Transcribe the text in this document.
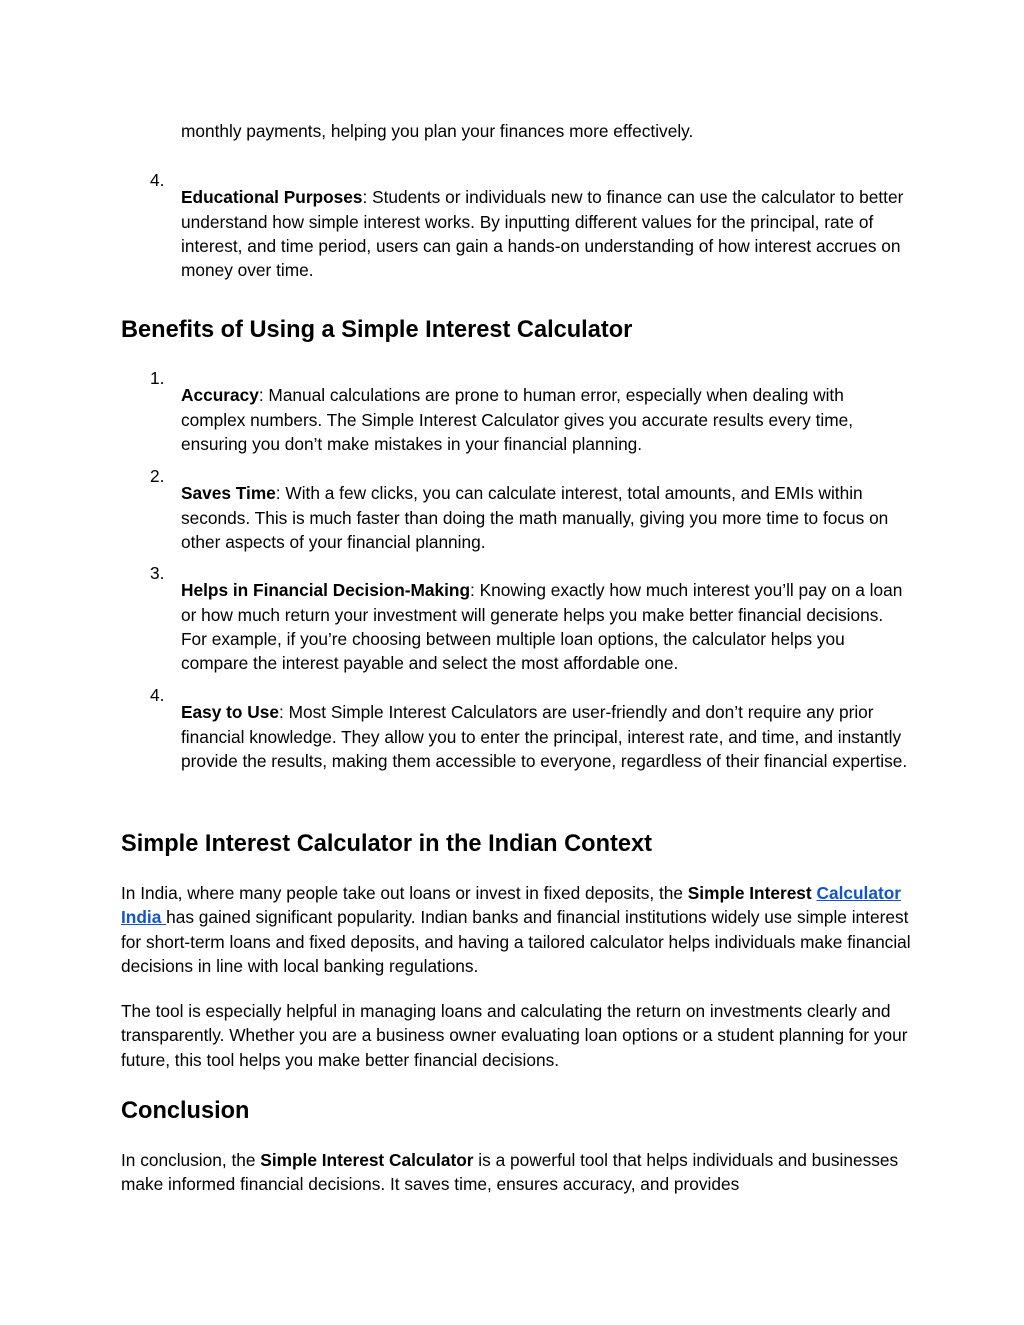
monthly payments, helping you plan your finances more effectively.

4.

Educational Purposes: Students or individuals new to finance can use the calculator to better understand how simple interest works. By inputting different values for the principal, rate of interest, and time period, users can gain a hands-on understanding of how interest accrues on money over time.

Benefits of Using a Simple Interest Calculator
1.

Accuracy: Manual calculations are prone to human error, especially when dealing with complex numbers. The Simple Interest Calculator gives you accurate results every time, ensuring you don’t make mistakes in your financial planning.

2.

Saves Time: With a few clicks, you can calculate interest, total amounts, and EMIs within seconds. This is much faster than doing the math manually, giving you more time to focus on other aspects of your financial planning.

3.

Helps in Financial Decision-Making: Knowing exactly how much interest you’ll pay on a loan or how much return your investment will generate helps you make better financial decisions. For example, if you’re choosing between multiple loan options, the calculator helps you compare the interest payable and select the most affordable one.

4.

Easy to Use: Most Simple Interest Calculators are user-friendly and don’t require any prior financial knowledge. They allow you to enter the principal, interest rate, and time, and instantly provide the results, making them accessible to everyone, regardless of their financial expertise.

Simple Interest Calculator in the Indian Context

In India, where many people take out loans or invest in fixed deposits, the Simple Interest Calculator India has gained significant popularity. Indian banks and financial institutions widely use simple interest for short-term loans and fixed deposits, and having a tailored calculator helps individuals make financial decisions in line with local banking regulations.

The tool is especially helpful in managing loans and calculating the return on investments clearly and transparently. Whether you are a business owner evaluating loan options or a student planning for your future, this tool helps you make better financial decisions.

Conclusion

In conclusion, the Simple Interest Calculator is a powerful tool that helps individuals and businesses make informed financial decisions. It saves time, ensures accuracy, and provides
